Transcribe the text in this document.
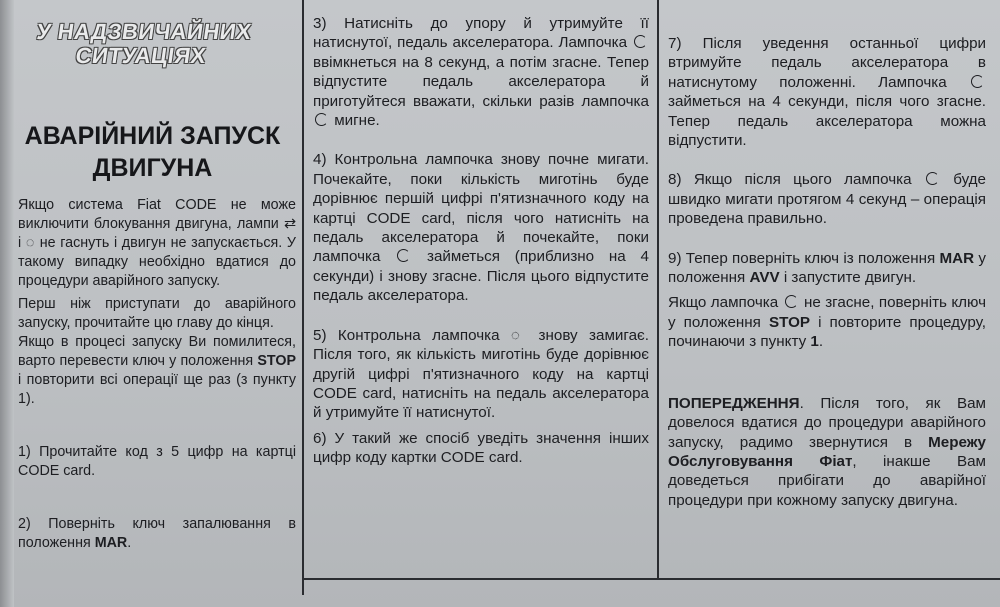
У НАДЗВИЧАЙНИХ
СИТУАЦІЯХ
АВАРІЙНИЙ ЗАПУСК
ДВИГУНА

Якщо система Fiat CODE не може виключити блокування двигуна, лампи ⇄ і ◌ не гаснуть і двигун не запускається. У такому випадку необхідно вдатися до процедури аварійного запуску.

Перш ніж приступати до аварійного запуску, прочитайте цю главу до кінця.

Якщо в процесі запуску Ви помилитеся, варто перевести ключ у положення STOP і повторити всі операції ще раз (з пункту 1).

1) Прочитайте код з 5 цифр на картці CODE card.

2) Поверніть ключ запалювання в положення MAR.

3) Натисніть до упору й утримуйте її натиснутої, педаль акселератора. Лампочка  ввімкнеться на 8 секунд, а потім згасне. Тепер відпустите педаль акселератора й приготуйтеся вважати, скільки разів лампочка  мигне.

4) Контрольна лампочка знову почне мигати. Почекайте, поки кількість миготінь буде дорівнює першій цифрі п'ятизначного коду на картці CODE card, після чого натисніть на педаль акселератора й почекайте, поки лампочка  займеться (приблизно на 4 секунди) і знову згасне. Після цього відпустите педаль акселератора.

5) Контрольна лампочка ◌ знову замигає. Після того, як кількість миготінь буде дорівнює другій цифрі п'ятизначного коду на картці CODE card, натисніть на педаль акселератора й утримуйте її натиснутої.

6) У такий же спосіб уведіть значення інших цифр коду картки CODE card.

7) Після уведення останньої цифри втримуйте педаль акселератора в натиснутому положенні. Лампочка  займеться на 4 секунди, після чого згасне. Тепер педаль акселератора можна відпустити.

8) Якщо після цього лампочка  буде швидко мигати протягом 4 секунд – операція проведена правильно.

9) Тепер поверніть ключ із положення MAR у положення AVV і запустите двигун.

Якщо лампочка  не згасне, поверніть ключ у положення STOP і повторите процедуру, починаючи з пункту 1.

ПОПЕРЕДЖЕННЯ. Після того, як Вам довелося вдатися до процедури аварійного запуску, радимо звернутися в Мережу Обслуговування Фіат, інакше Вам доведеться прибігати до аварійної процедури при кожному запуску двигуна.
